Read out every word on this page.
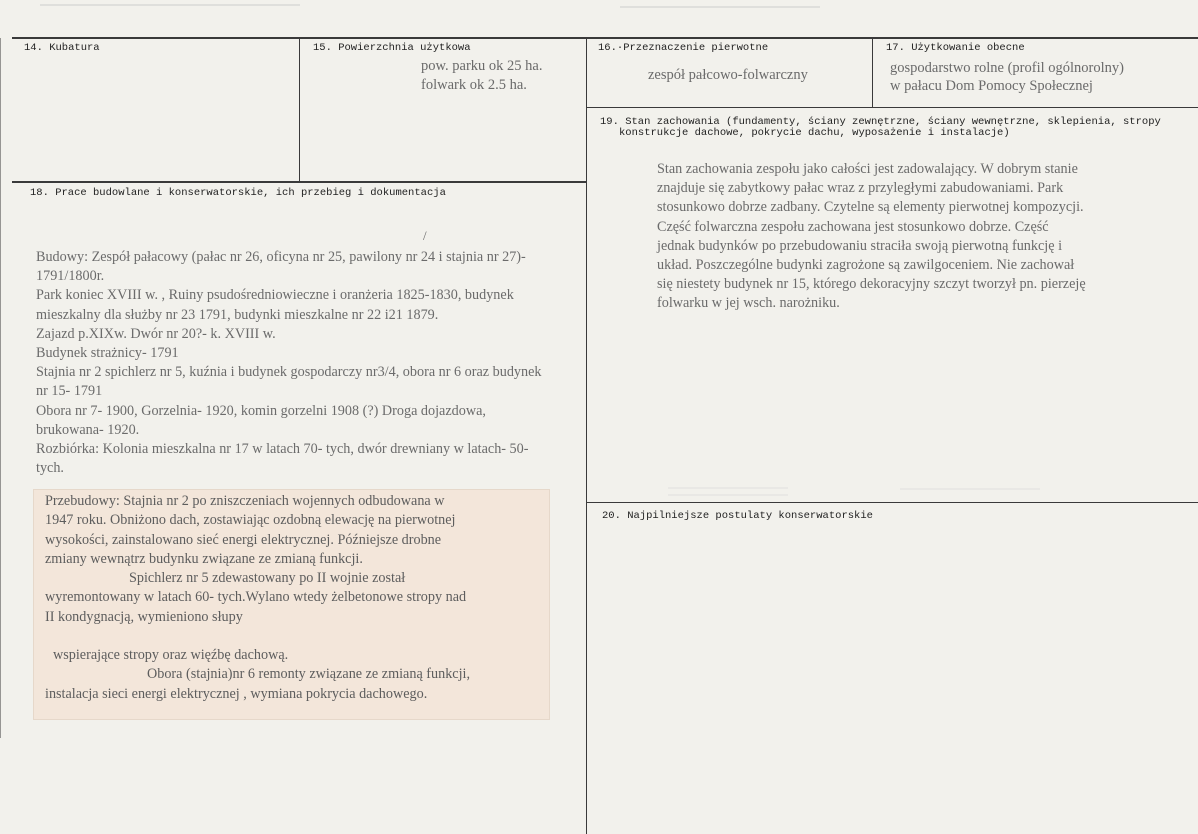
14. Kubatura	15. Powierzchnia użytkowa
pow. parku ok 25 ha.
folwark ok 2.5 ha.
16.·Przeznaczenie pierwotne
zespół pałcowo-folwarczny
17. Użytkowanie obecne
gospodarstwo rolne (profil ogólnorolny)
w pałacu Dom Pomocy Społecznej
19. Stan zachowania (fundamenty, ściany zewnętrzne, ściany wewnętrzne, sklepienia, stropy
konstrukcje dachowe, pokrycie dachu, wyposażenie i instalacje)
Stan zachowania zespołu jako całości jest zadowalający. W dobrym stanie
znajduje się zabytkowy pałac wraz z przyległymi zabudowaniami. Park
stosunkowo dobrze zadbany. Czytelne są elementy pierwotnej kompozycji.
Część folwarczna zespołu zachowana jest stosunkowo dobrze. Część
jednak budynków po przebudowaniu straciła swoją pierwotną funkcję i
układ. Poszczególne budynki zagrożone są zawilgoceniem. Nie zachował
się niestety budynek nr 15, którego dekoracyjny szczyt tworzył pn. pierzeję
folwarku w jej wsch. narożniku.
18. Prace budowlane i konserwatorskie, ich przebieg i dokumentacja
/
Budowy: Zespół pałacowy (pałac nr 26, oficyna nr 25, pawilony nr 24 i stajnia nr 27)-
1791/1800r.
Park koniec XVIII w. , Ruiny psudośredniowieczne i oranżeria 1825-1830, budynek
mieszkalny dla służby nr 23 1791, budynki mieszkalne nr 22 i21 1879.
Zajazd p.XIXw. Dwór nr 20?- k. XVIII w.
Budynek strażnicy- 1791
Stajnia nr 2 spichlerz nr 5, kuźnia i budynek gospodarczy nr3/4, obora nr 6 oraz budynek
nr 15- 1791
Obora nr 7- 1900, Gorzelnia- 1920, komin gorzelni 1908 (?) Droga dojazdowa,
brukowana- 1920.
Rozbiórka: Kolonia mieszkalna nr 17 w latach 70- tych, dwór drewniany w latach- 50-
tych.
Przebudowy: Stajnia nr 2 po zniszczeniach wojennych odbudowana w
1947 roku. Obniżono dach, zostawiając ozdobną elewację na pierwotnej
wysokości, zainstalowano sieć energi elektrycznej. Późniejsze drobne
zmiany wewnątrz budynku związane ze zmianą funkcji.
Spichlerz nr 5 zdewastowany po II wojnie został
wyremontowany w latach 60- tych.Wylano wtedy żelbetonowe stropy nad
II kondygnacją, wymieniono słupy
wspierające stropy oraz więźbę dachową.
Obora (stajnia)nr 6 remonty związane ze zmianą funkcji,
instalacja sieci energi elektrycznej , wymiana pokrycia dachowego.
20. Najpilniejsze postulaty konserwatorskie
